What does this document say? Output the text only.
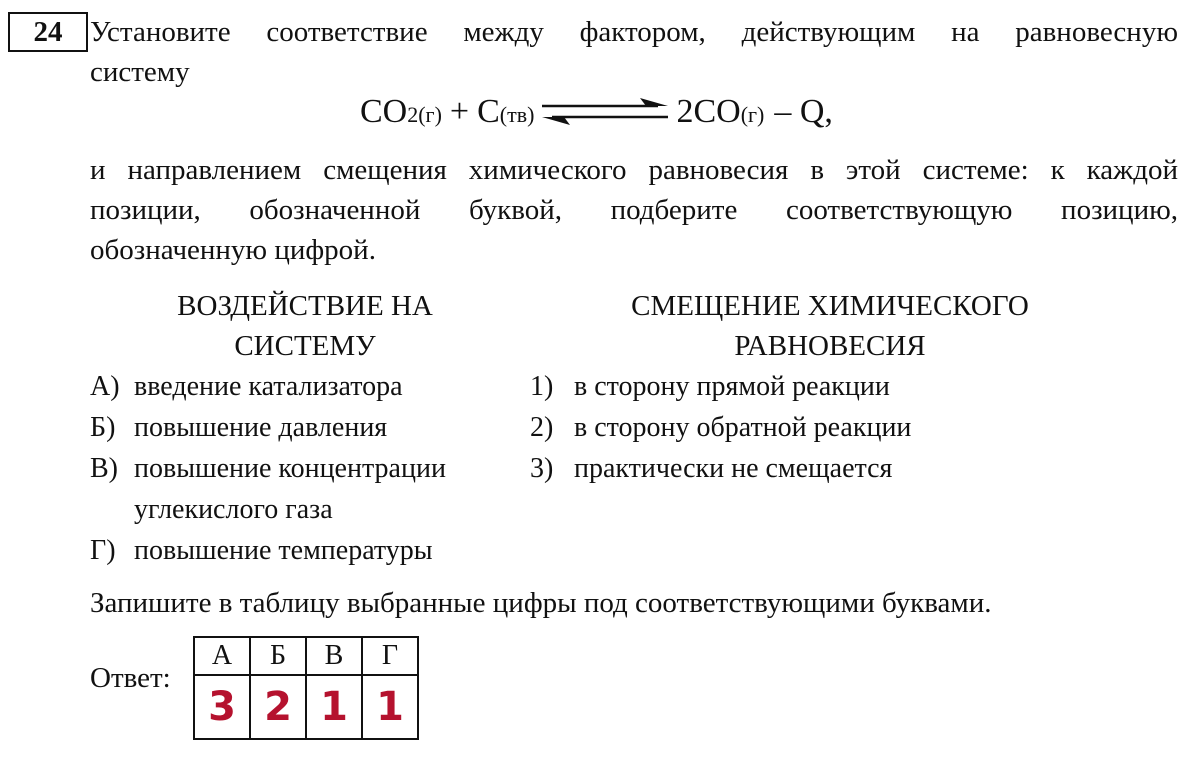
24 Установите соответствие между фактором, действующим на равновесную
систему
CO 2(г) + C (тв) ⇌ 2CO (г) – Q,
и направлением смещения химического равновесия в этой системе: к каждой
позиции, обозначенной буквой, подберите соответствующую позицию,
обозначенную цифрой.
ВОЗДЕЙСТВИЕ НА
СИСТЕМУ
А) введение катализатора
Б) повышение давления
В) повышение концентрации
углекислого газа
Г) повышение температуры
СМЕЩЕНИЕ ХИМИЧЕСКОГО
РАВНОВЕСИЯ
1) в сторону прямой реакции
2) в сторону обратной реакции
3) практически не смещается
Запишите в таблицу выбранные цифры под соответствующими буквами.
Ответ:
А	Б	В	Г
3	2	1	1
